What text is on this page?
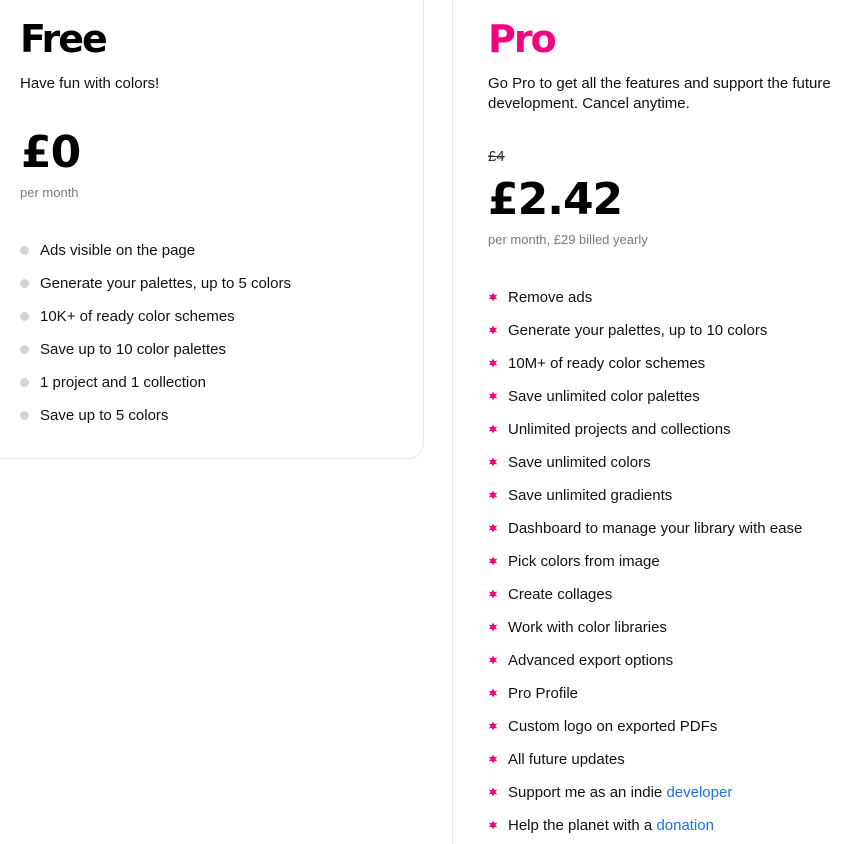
Free

Have fun with colors!

£0
per month
Ads visible on the page
Generate your palettes, up to 5 colors
10K+ of ready color schemes
Save up to 10 color palettes
1 project and 1 collection
Save up to 5 colors
Pro

Go Pro to get all the features and support the future development. Cancel anytime.

£4
£2.42
per month, £29 billed yearly
Remove ads
Generate your palettes, up to 10 colors
10M+ of ready color schemes
Save unlimited color palettes
Unlimited projects and collections
Save unlimited colors
Save unlimited gradients
Dashboard to manage your library with ease
Pick colors from image
Create collages
Work with color libraries
Advanced export options
Pro Profile
Custom logo on exported PDFs
All future updates
Support me as an indie developer
Help the planet with a donation
